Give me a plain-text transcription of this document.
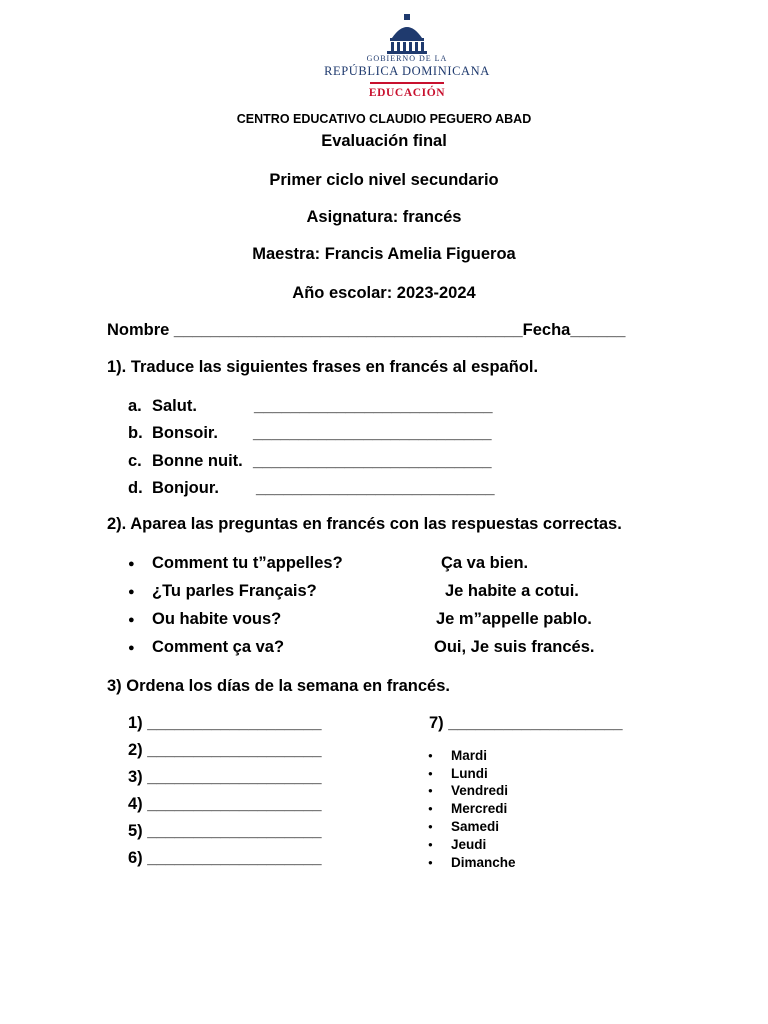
GOBIERNO DE LA
REPÚBLICA DOMINICANA
EDUCACIÓN
CENTRO EDUCATIVO CLAUDIO PEGUERO ABAD
Evaluación final
Primer ciclo nivel secundario
Asignatura: francés
Maestra: Francis Amelia Figueroa
Año escolar: 2023-2024
Nombre ______________________________________Fecha______
1). Traduce las siguientes frases en francés al español.
a. Salut.	__________________________
b. Bonsoir. __________________________
c. Bonne nuit. __________________________
d. Bonjour. __________________________
2). Aparea las preguntas en francés con las respuestas correctas.
● Comment tu t”appelles?	Ça va bien.
● ¿Tu parles Français?	Je habite a cotui.
● Ou habite vous?	Je m”appelle pablo.
● Comment ça va?	Oui, Je suis francés.
3) Ordena los días de la semana en francés.
1) ___________________
2) ___________________
3) ___________________
4) ___________________
5) ___________________
6) ___________________
7) ___________________
● Mardi
● Lundi
● Vendredi
● Mercredi
● Samedi
● Jeudi
● Dimanche
